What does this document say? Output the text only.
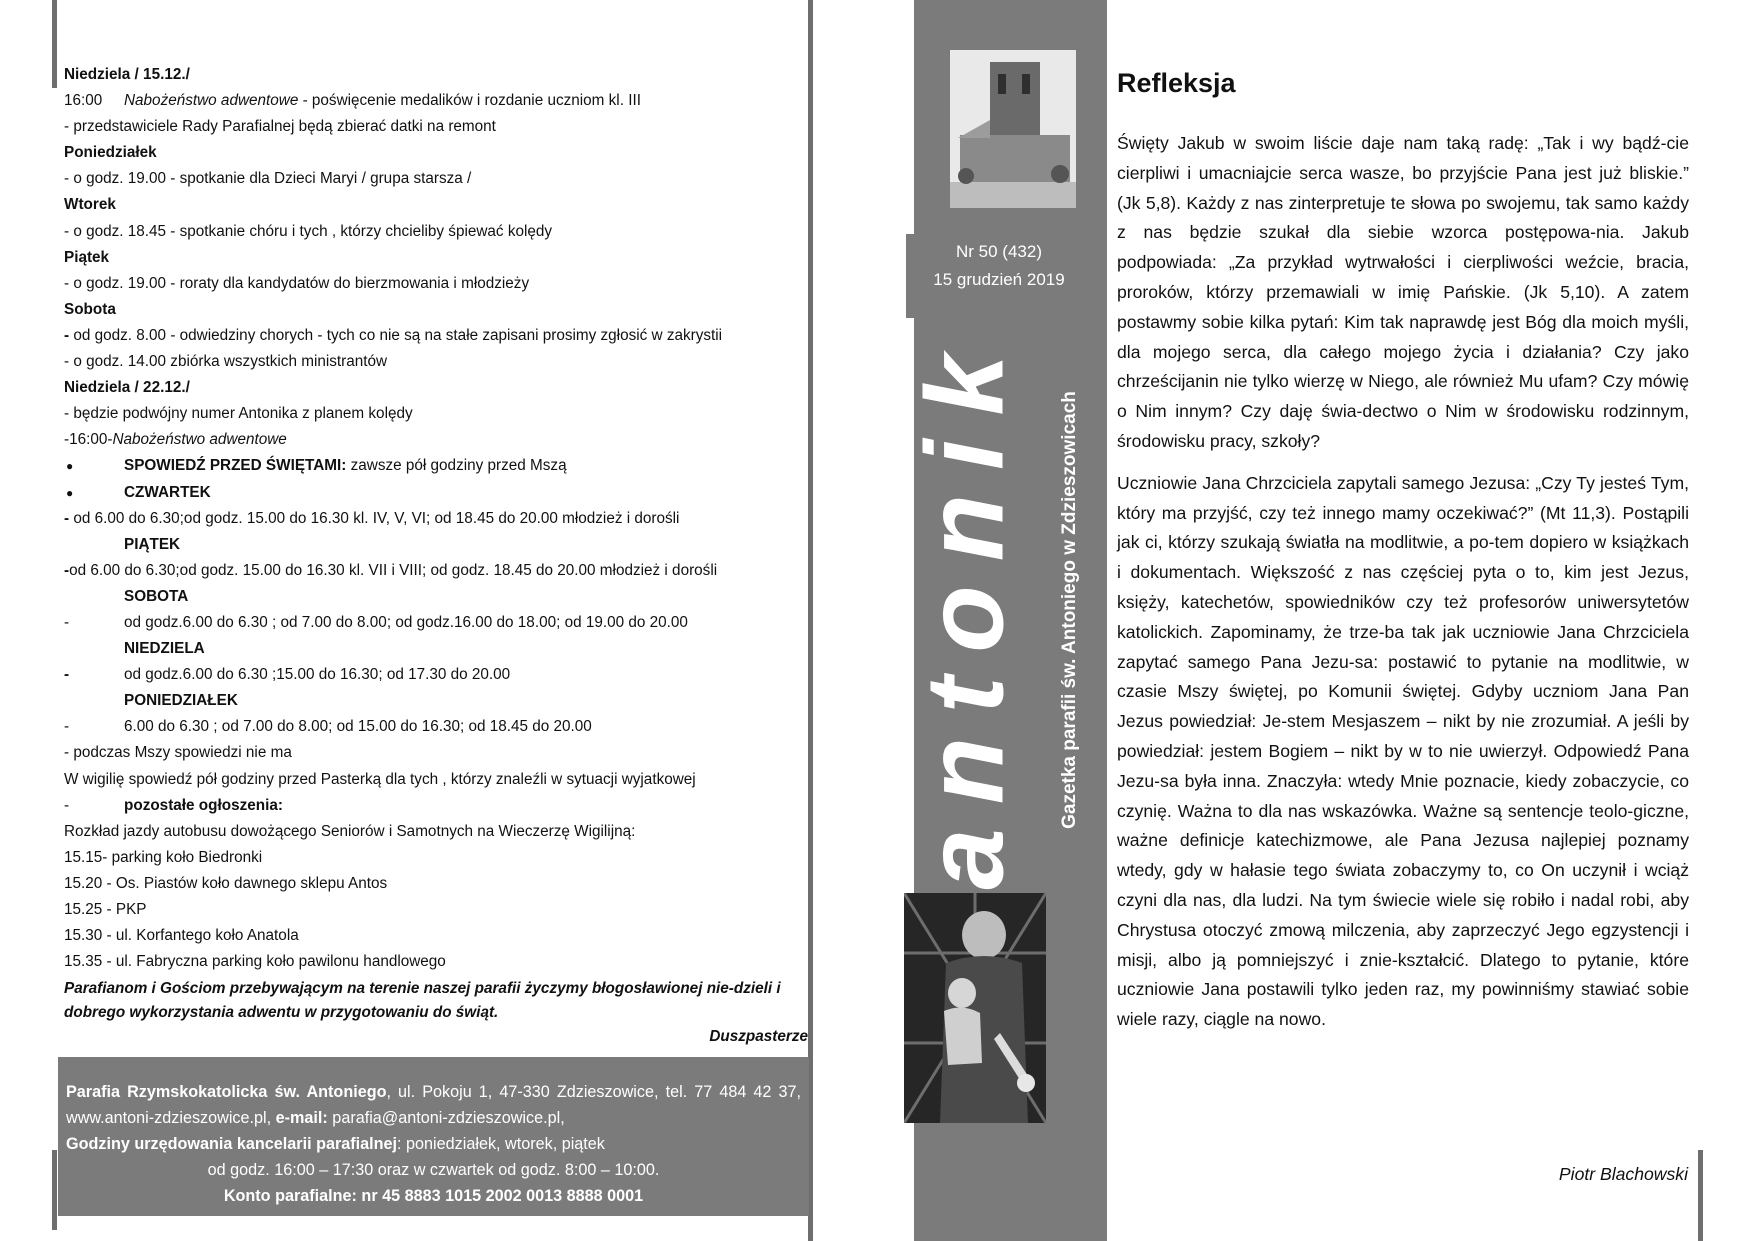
Niedziela / 15.12./
16:00 Nabożeństwo adwentowe - poświęcenie medalików i rozdanie uczniom kl. III
- przedstawiciele Rady Parafialnej będą zbierać datki na remont
Poniedziałek
- o godz. 19.00 - spotkanie dla Dzieci Maryi / grupa starsza /
Wtorek
- o godz. 18.45 - spotkanie chóru i tych , którzy chcieliby śpiewać kolędy
Piątek
- o godz. 19.00 - roraty dla kandydatów do bierzmowania i młodzieży
Sobota
- od godz. 8.00 - odwiedziny chorych - tych co nie są na stałe zapisani prosimy zgłosić w zakrystii
- o godz. 14.00 zbiórka wszystkich ministrantów
Niedziela / 22.12./
- będzie podwójny numer Antonika z planem kolędy
-16:00-Nabożeństwo adwentowe
●	SPOWIEDŹ PRZED ŚWIĘTAMI: zawsze pół godziny przed Mszą
●	CZWARTEK
- od 6.00 do 6.30;od godz. 15.00 do 16.30 kl. IV, V, VI; od 18.45 do 20.00 młodzież i dorośli
PIĄTEK
-od 6.00 do 6.30;od godz. 15.00 do 16.30 kl. VII i VIII; od godz. 18.45 do 20.00 młodzież i dorośli
SOBOTA
-	od godz.6.00 do 6.30 ; od 7.00 do 8.00; od godz.16.00 do 18.00; od 19.00 do 20.00
NIEDZIELA
-	od godz.6.00 do 6.30 ;15.00 do 16.30; od 17.30 do 20.00
PONIEDZIAŁEK
-	6.00 do 6.30 ; od 7.00 do 8.00; od 15.00 do 16.30; od 18.45 do 20.00
- podczas Mszy spowiedzi nie ma
W wigilię spowiedź pół godziny przed Pasterką dla tych , którzy znaleźli w sytuacji wyjatkowej
-	pozostałe ogłoszenia:
Rozkład jazdy autobusu dowożącego Seniorów i Samotnych na Wieczerzę Wigilijną:
15.15- parking koło Biedronki
15.20 - Os. Piastów koło dawnego sklepu Antos
15.25 - PKP
15.30 - ul. Korfantego koło Anatola
15.35 - ul. Fabryczna parking koło pawilonu handlowego
Parafianom i Gościom przebywającym na terenie naszej parafii życzymy błogosławionej nie-dzieli i dobrego wykorzystania adwentu w przygotowaniu do świąt.
Duszpasterze
Parafia Rzymskokatolicka św. Antoniego, ul. Pokoju 1, 47-330 Zdzieszowice, tel. 77 484 42 37, www.antoni-zdzieszowice.pl, e-mail: parafia@antoni-zdzieszowice.pl,
Godziny urzędowania kancelarii parafialnej: poniedziałek, wtorek, piątek
od godz. 16:00 – 17:30 oraz w czwartek od godz. 8:00 – 10:00.
Konto parafialne: nr 45 8883 1015 2002 0013 8888 0001
Nr 50 (432)
15 grudzień 2019
antonik Gazetka parafii św. Antoniego w Zdzieszowicach
Refleksja

Święty Jakub w swoim liście daje nam taką radę: „Tak i wy bądź-cie cierpliwi i umacniajcie serca wasze, bo przyjście Pana jest już bliskie.” (Jk 5,8). Każdy z nas zinterpretuje te słowa po swojemu, tak samo każdy z nas będzie szukał dla siebie wzorca postępowa-nia. Jakub podpowiada: „Za przykład wytrwałości i cierpliwości weźcie, bracia, proroków, którzy przemawiali w imię Pańskie. (Jk 5,10). A zatem postawmy sobie kilka pytań: Kim tak naprawdę jest Bóg dla moich myśli, dla mojego serca, dla całego mojego życia i działania? Czy jako chrześcijanin nie tylko wierzę w Niego, ale również Mu ufam? Czy mówię o Nim innym? Czy daję świa-dectwo o Nim w środowisku rodzinnym, środowisku pracy, szkoły?

Uczniowie Jana Chrzciciela zapytali samego Jezusa: „Czy Ty jesteś Tym, który ma przyjść, czy też innego mamy oczekiwać?” (Mt 11,3). Postąpili jak ci, którzy szukają światła na modlitwie, a po-tem dopiero w książkach i dokumentach. Większość z nas częściej pyta o to, kim jest Jezus, księży, katechetów, spowiedników czy też profesorów uniwersytetów katolickich. Zapominamy, że trze-ba tak jak uczniowie Jana Chrzciciela zapytać samego Pana Jezu-sa: postawić to pytanie na modlitwie, w czasie Mszy świętej, po Komunii świętej. Gdyby uczniom Jana Pan Jezus powiedział: Je-stem Mesjaszem – nikt by nie zrozumiał. A jeśli by powiedział: jestem Bogiem – nikt by w to nie uwierzył. Odpowiedź Pana Jezu-sa była inna. Znaczyła: wtedy Mnie poznacie, kiedy zobaczycie, co czynię. Ważna to dla nas wskazówka. Ważne są sentencje teolo-giczne, ważne definicje katechizmowe, ale Pana Jezusa najlepiej poznamy wtedy, gdy w hałasie tego świata zobaczymy to, co On uczynił i wciąż czyni dla nas, dla ludzi. Na tym świecie wiele się robiło i nadal robi, aby Chrystusa otoczyć zmową milczenia, aby zaprzeczyć Jego egzystencji i misji, albo ją pomniejszyć i znie-kształcić. Dlatego to pytanie, które uczniowie Jana postawili tylko jeden raz, my powinniśmy stawiać sobie wiele razy, ciągle na nowo.

Piotr Blachowski
